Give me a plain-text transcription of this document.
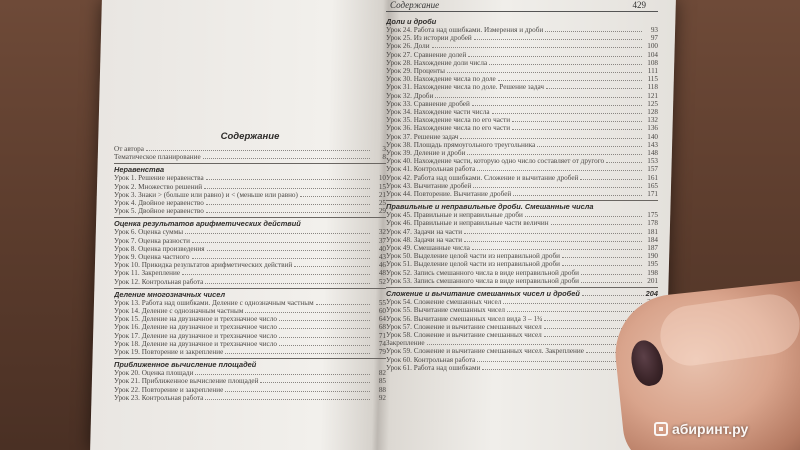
Содержание
От автора	3
Тематическое планирование	8
Неравенства
Урок 1. Решение неравенства	10
Урок 2. Множество решений	15
Урок 3. Знаки > (больше или равно) и < (меньше или равно)	21
Урок 4. Двойное неравенство	25
Урок 5. Двойное неравенство	29
Оценка результатов арифметических действий
Урок 6. Оценка суммы	32
Урок 7. Оценка разности	37
Урок 8. Оценка произведения	40
Урок 9. Оценка частного	43
Урок 10. Прикидка результатов арифметических действий	46
Урок 11. Закрепление	48
Урок 12. Контрольная работа	52
Деление многозначных чисел
Урок 13. Работа над ошибками. Деление с однозначным частным	55
Урок 14. Деление с однозначным частным	60
Урок 15. Деление на двузначное и трехзначное число	64
Урок 16. Деление на двузначное и трехзначное число	68
Урок 17. Деление на двузначное и трехзначное число	71
Урок 18. Деление на двузначное и трехзначное число	74
Урок 19. Повторение и закрепление	79
Приближенное вычисление площадей
Урок 20. Оценка площади	82
Урок 21. Приближенное вычисление площадей	85
Урок 22. Повторение и закрепление	88
Урок 23. Контрольная работа	92
Содержание	429
Доли и дроби
Урок 24. Работа над ошибками. Измерения и дроби	93
Урок 25. Из истории дробей	97
Урок 26. Доли	100
Урок 27. Сравнение долей	104
Урок 28. Нахождение доли числа	108
Урок 29. Проценты	111
Урок 30. Нахождение числа по доле	115
Урок 31. Нахождение числа по доле. Решение задач	118
Урок 32. Дроби	121
Урок 33. Сравнение дробей	125
Урок 34. Нахождение части числа	128
Урок 35. Нахождение числа по его части	132
Урок 36. Нахождение числа по его части	136
Урок 37. Решение задач	140
Урок 38. Площадь прямоугольного треугольника	143
Урок 39. Деление и дроби	148
Урок 40. Нахождение части, которую одно число составляет от другого	153
Урок 41. Контрольная работа	157
Урок 42. Работа над ошибками. Сложение и вычитание дробей	161
Урок 43. Вычитание дробей	165
Урок 44. Повторение. Вычитание дробей	171
Правильные и неправильные дроби. Смешанные числа
Урок 45. Правильные и неправильные дроби	175
Урок 46. Правильные и неправильные части величин	178
Урок 47. Задачи на части	181
Урок 48. Задачи на части	184
Урок 49. Смешанные числа	187
Урок 50. Выделение целой части из неправильной дроби	190
Урок 51. Выделение целой части из неправильной дроби	195
Урок 52. Запись смешанного числа в виде неправильной дроби	198
Урок 53. Запись смешанного числа в виде неправильной дроби	201
Сложение и вычитание смешанных чисел и дробей	204
Урок 54. Сложение смешанных чисел
Урок 55. Вычитание смешанных чисел
Урок 56. Вычитание смешанных чисел вида 3 – 1¾
Урок 57. Сложение и вычитание смешанных чисел
Урок 58. Сложение и вычитание смешанных чисел
Закрепление
Урок 59. Сложение и вычитание смешанных чисел. Закрепление
Урок 60. Контрольная работа
Урок 61. Работа над ошибками
абиринт.ру
